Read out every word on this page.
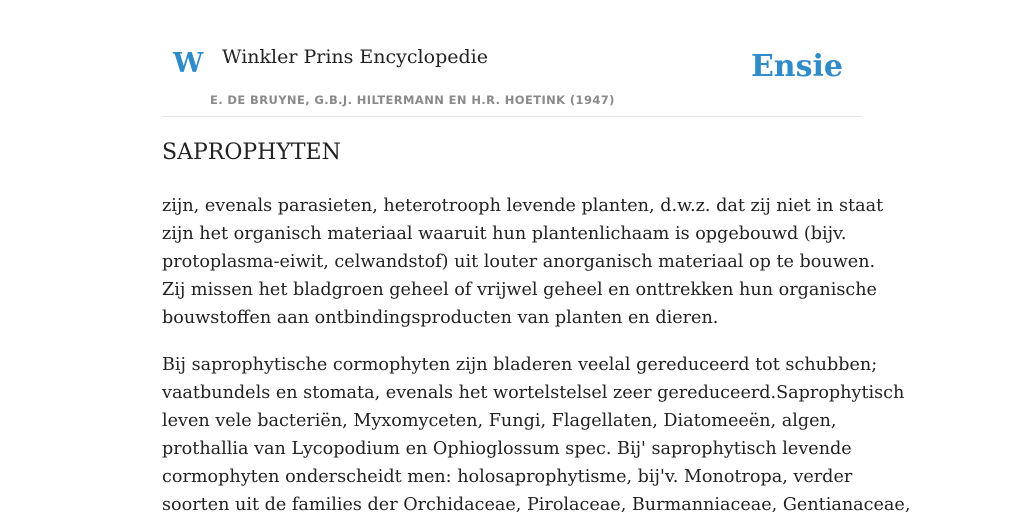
W Winkler Prins Encyclopedie
E. DE BRUYNE, G.B.J. HILTERMANN EN H.R. HOETINK (1947)
Ensie
SAPROPHYTEN

zijn, evenals parasieten, heterotrooph levende planten, d.w.z. dat zij niet in staat
zijn het organisch materiaal waaruit hun plantenlichaam is opgebouwd (bijv.
protoplasma-eiwit, celwandstof) uit louter anorganisch materiaal op te bouwen.
Zij missen het bladgroen geheel of vrijwel geheel en onttrekken hun organische
bouwstoffen aan ontbindingsproducten van planten en dieren.

Bij saprophytische cormophyten zijn bladeren veelal gereduceerd tot schubben;
vaatbundels en stomata, evenals het wortelstelsel zeer gereduceerd.Saprophytisch
leven vele bacteriën, Myxomyceten, Fungi, Flagellaten, Diatomeeën, algen,
prothallia van Lycopodium en Ophioglossum spec. Bij' saprophytisch levende
cormophyten onderscheidt men: holosaprophytisme, bij'v. Monotropa, verder
soorten uit de families der Orchidaceae, Pirolaceae, Burmanniaceae, Gentianaceae,
